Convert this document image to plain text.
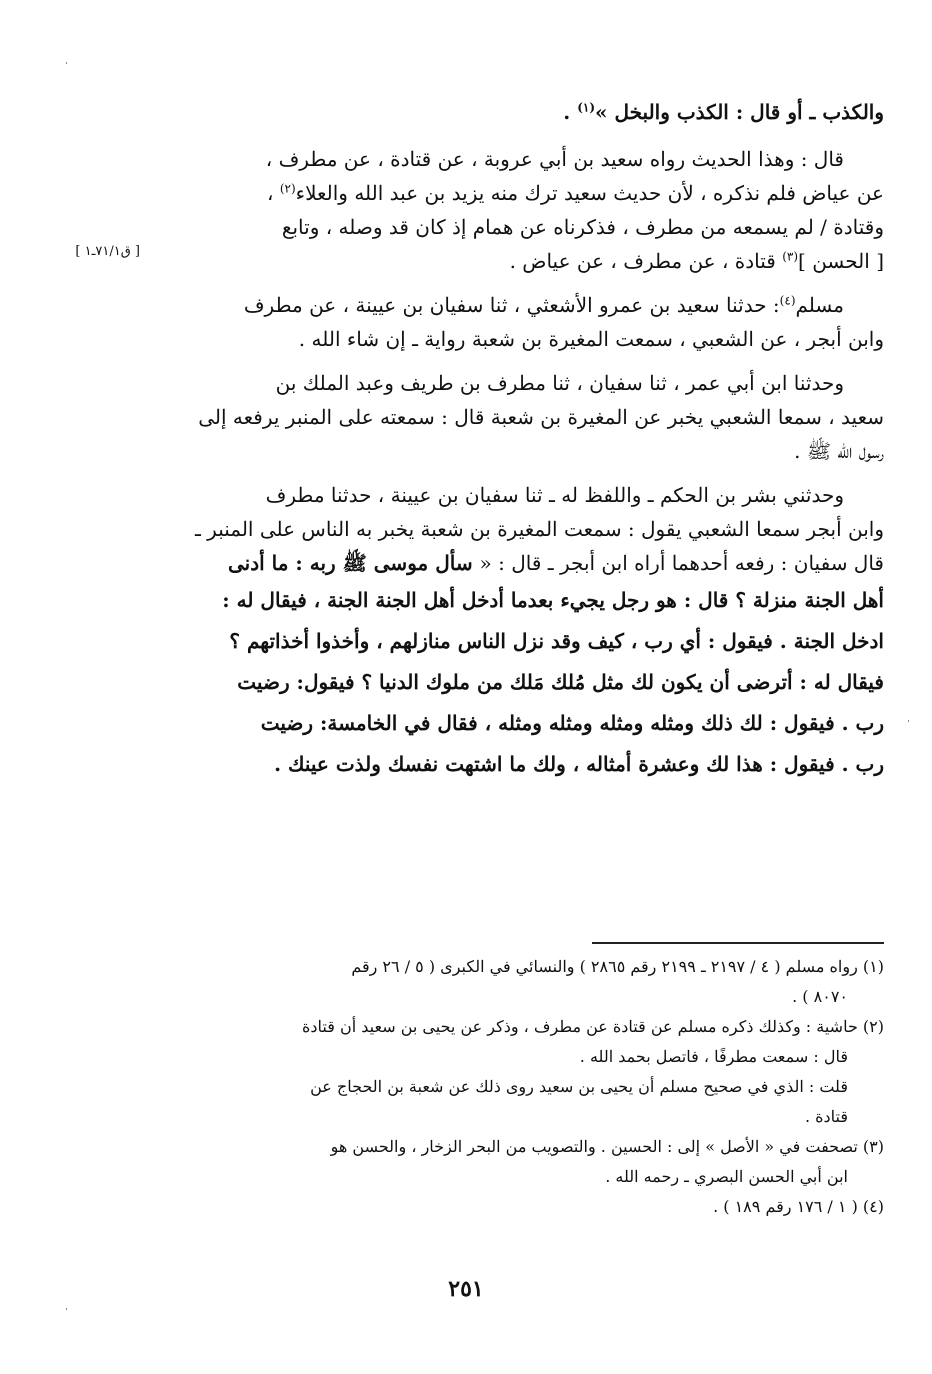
والكذب ـ أو قال : الكذب والبخل »$^{(١)}$ .
قال : وهذا الحديث رواه سعيد بن أبي عروبة ، عن قتادة ، عن مطرف ،
عن عياض فلم نذكره ، لأن حديث سعيد ترك منه يزيد بن عبد الله والعلاء$^{(٢)}$ ،
وقتادة / لم يسمعه من مطرف ، فذكرناه عن همام إذ كان قد وصله ، وتابع
[ الحسن ]$^{(٣)}$ قتادة ، عن مطرف ، عن عياض .
مسلم$^{(٤)}$: حدثنا سعيد بن عمرو الأشعثي ، ثنا سفيان بن عيينة ، عن مطرف
وابن أبجر ، عن الشعبي ، سمعت المغيرة بن شعبة رواية ـ إن شاء الله .
وحدثنا ابن أبي عمر ، ثنا سفيان ، ثنا مطرف بن طريف وعبد الملك بن
سعيد ، سمعا الشعبي يخبر عن المغيرة بن شعبة قال : سمعته على المنبر يرفعه إلى
رسول الله ﷺ .
وحدثني بشر بن الحكم ـ واللفظ له ـ ثنا سفيان بن عيينة ، حدثنا مطرف
وابن أبجر سمعا الشعبي يقول : سمعت المغيرة بن شعبة يخبر به الناس على المنبر ـ
قال سفيان : رفعه أحدهما أراه ابن أبجر ـ قال : « سأل موسى ﷺ ربه : ما أدنى
أهل الجنة منزلة ؟ قال : هو رجل يجيء بعدما أدخل أهل الجنة الجنة ، فيقال له :
ادخل الجنة . فيقول : أي رب ، كيف وقد نزل الناس منازلهم ، وأخذوا أخذاتهم ؟
فيقال له : أترضى أن يكون لك مثل مُلك مَلك من ملوك الدنيا ؟ فيقول: رضيت
رب . فيقول : لك ذلك ومثله ومثله ومثله ومثله ، فقال في الخامسة: رضيت
رب . فيقول : هذا لك وعشرة أمثاله ، ولك ما اشتهت نفسك ولذت عينك .
[ ق٧١/١ـ١ ]
(١) رواه مسلم ( ٤ / ٢١٩٧ ـ ٢١٩٩ رقم ٢٨٦٥ ) والنسائي في الكبرى ( ٥ / ٢٦ رقم
٨٠٧٠ ) .
(٢) حاشية : وكذلك ذكره مسلم عن قتادة عن مطرف ، وذكر عن يحيى بن سعيد أن قتادة
قال : سمعت مطرفًا ، فاتصل بحمد الله .
قلت : الذي في صحيح مسلم أن يحيى بن سعيد روى ذلك عن شعبة بن الحجاج عن
قتادة .
(٣) تصحفت في « الأصل » إلى : الحسين . والتصويب من البحر الزخار ، والحسن هو
ابن أبي الحسن البصري ـ رحمه الله .
(٤) ( ١ / ١٧٦ رقم ١٨٩ ) .
٢٥١
